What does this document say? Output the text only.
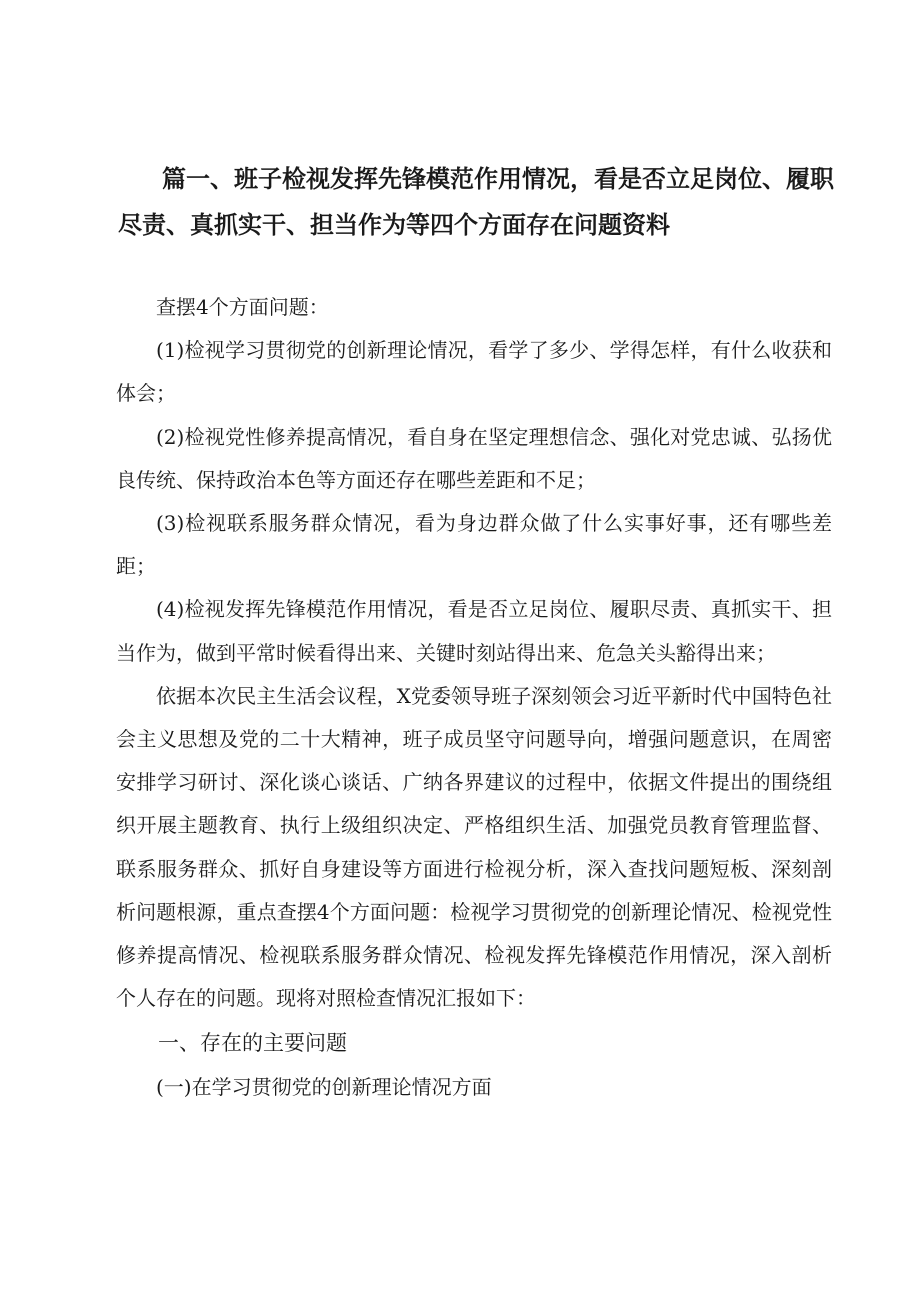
篇一、班子检视发挥先锋模范作用情况，看是否立足岗位、履职尽责、真抓实干、担当作为等四个方面存在问题资料

查摆4个方面问题：

(1)检视学习贯彻党的创新理论情况，看学了多少、学得怎样，有什么收获和体会；

(2)检视党性修养提高情况，看自身在坚定理想信念、强化对党忠诚、弘扬优良传统、保持政治本色等方面还存在哪些差距和不足；

(3)检视联系服务群众情况，看为身边群众做了什么实事好事，还有哪些差距；

(4)检视发挥先锋模范作用情况，看是否立足岗位、履职尽责、真抓实干、担当作为，做到平常时候看得出来、关键时刻站得出来、危急关头豁得出来；

依据本次民主生活会议程，X党委领导班子深刻领会习近平新时代中国特色社会主义思想及党的二十大精神，班子成员坚守问题导向，增强问题意识，在周密安排学习研讨、深化谈心谈话、广纳各界建议的过程中，依据文件提出的围绕组织开展主题教育、执行上级组织决定、严格组织生活、加强党员教育管理监督、联系服务群众、抓好自身建设等方面进行检视分析，深入查找问题短板、深刻剖析问题根源，重点查摆4个方面问题：检视学习贯彻党的创新理论情况、检视党性修养提高情况、检视联系服务群众情况、检视发挥先锋模范作用情况，深入剖析个人存在的问题。现将对照检查情况汇报如下：

一、存在的主要问题

(一)在学习贯彻党的创新理论情况方面
